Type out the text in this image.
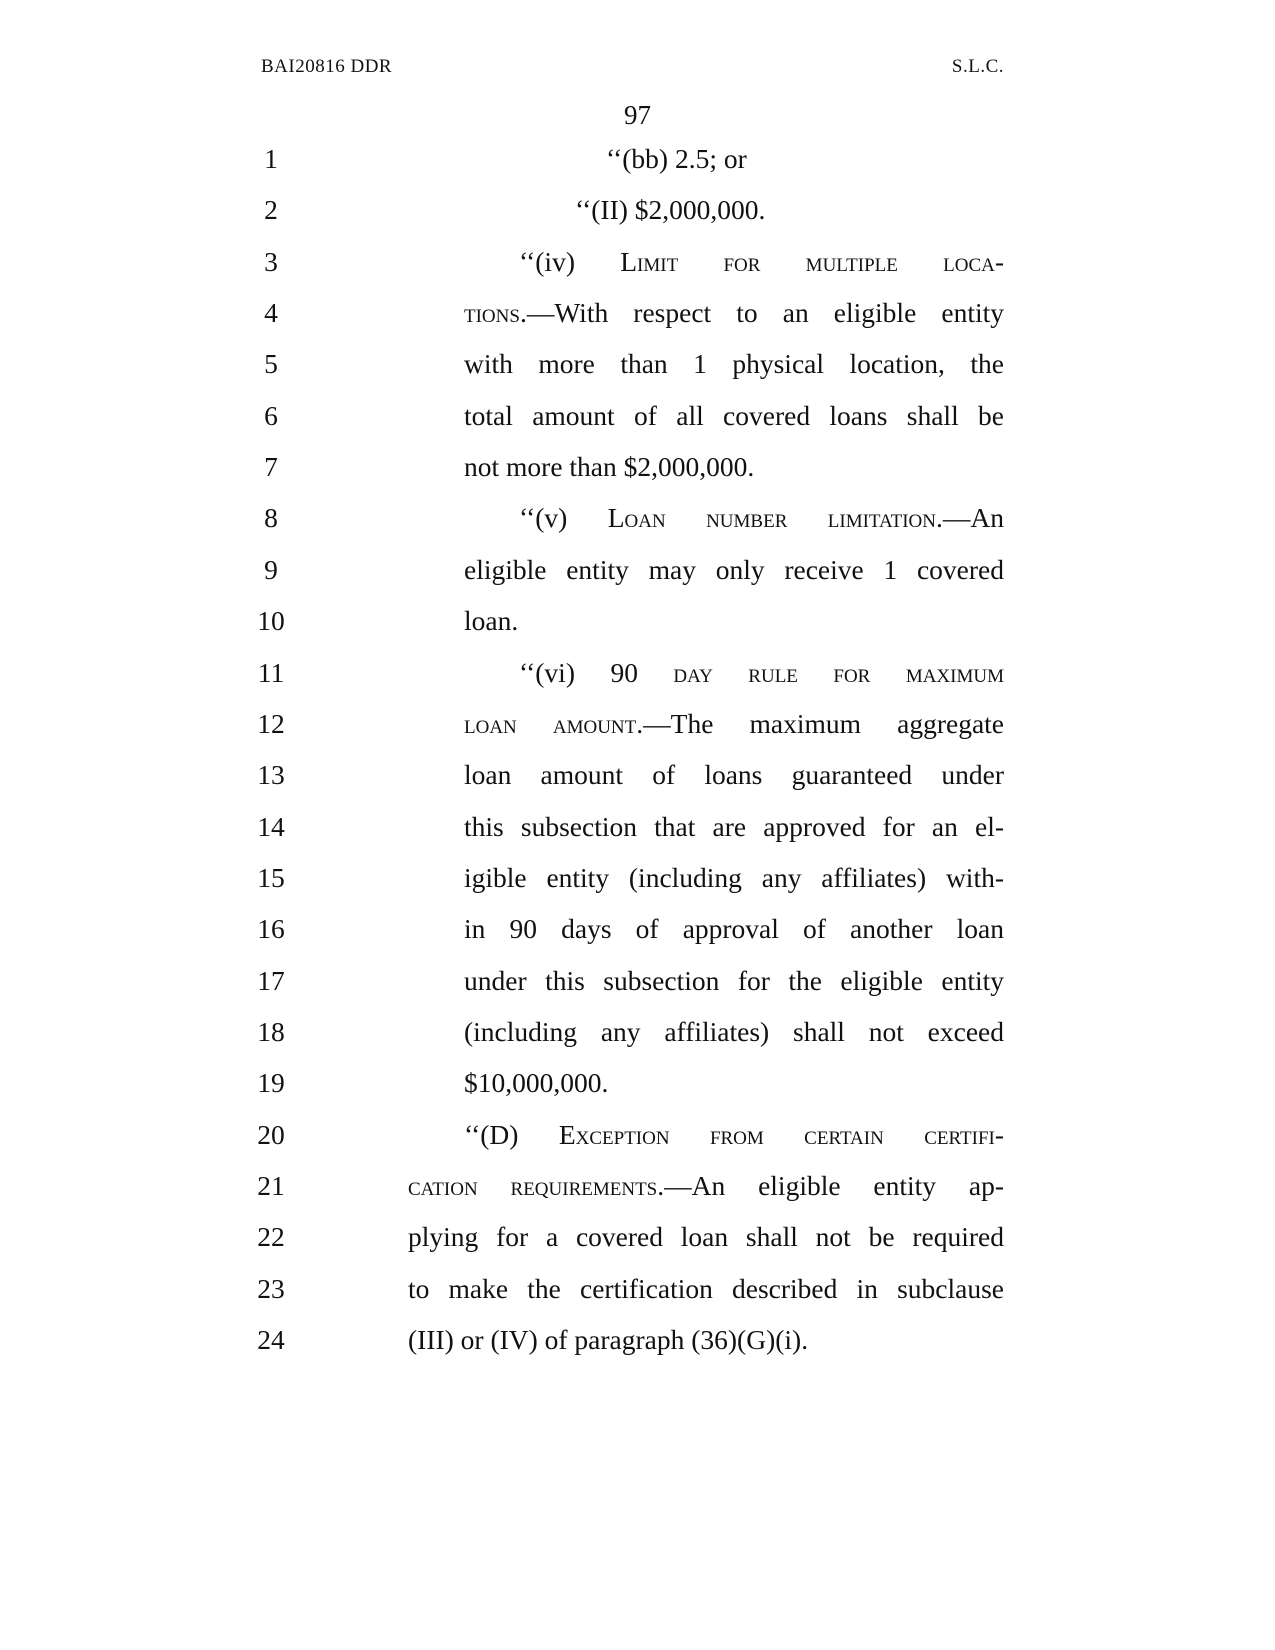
BAI20816 DDR	S.L.C.
97
1	‘‘(bb) 2.5; or
2	‘‘(II) $2,000,000.
3	‘‘(iv) Limit for multiple loca-
4	tions.—With respect to an eligible entity
5	with more than 1 physical location, the
6	total amount of all covered loans shall be
7	not more than $2,000,000.
8	‘‘(v) Loan number limitation.—An
9	eligible entity may only receive 1 covered
10	loan.
11	‘‘(vi) 90 day rule for maximum
12	loan amount.—The maximum aggregate
13	loan amount of loans guaranteed under
14	this subsection that are approved for an el-
15	igible entity (including any affiliates) with-
16	in 90 days of approval of another loan
17	under this subsection for the eligible entity
18	(including any affiliates) shall not exceed
19	$10,000,000.
20	‘‘(D) Exception from certain certifi-
21	cation requirements.—An eligible entity ap-
22	plying for a covered loan shall not be required
23	to make the certification described in subclause
24	(III) or (IV) of paragraph (36)(G)(i).
